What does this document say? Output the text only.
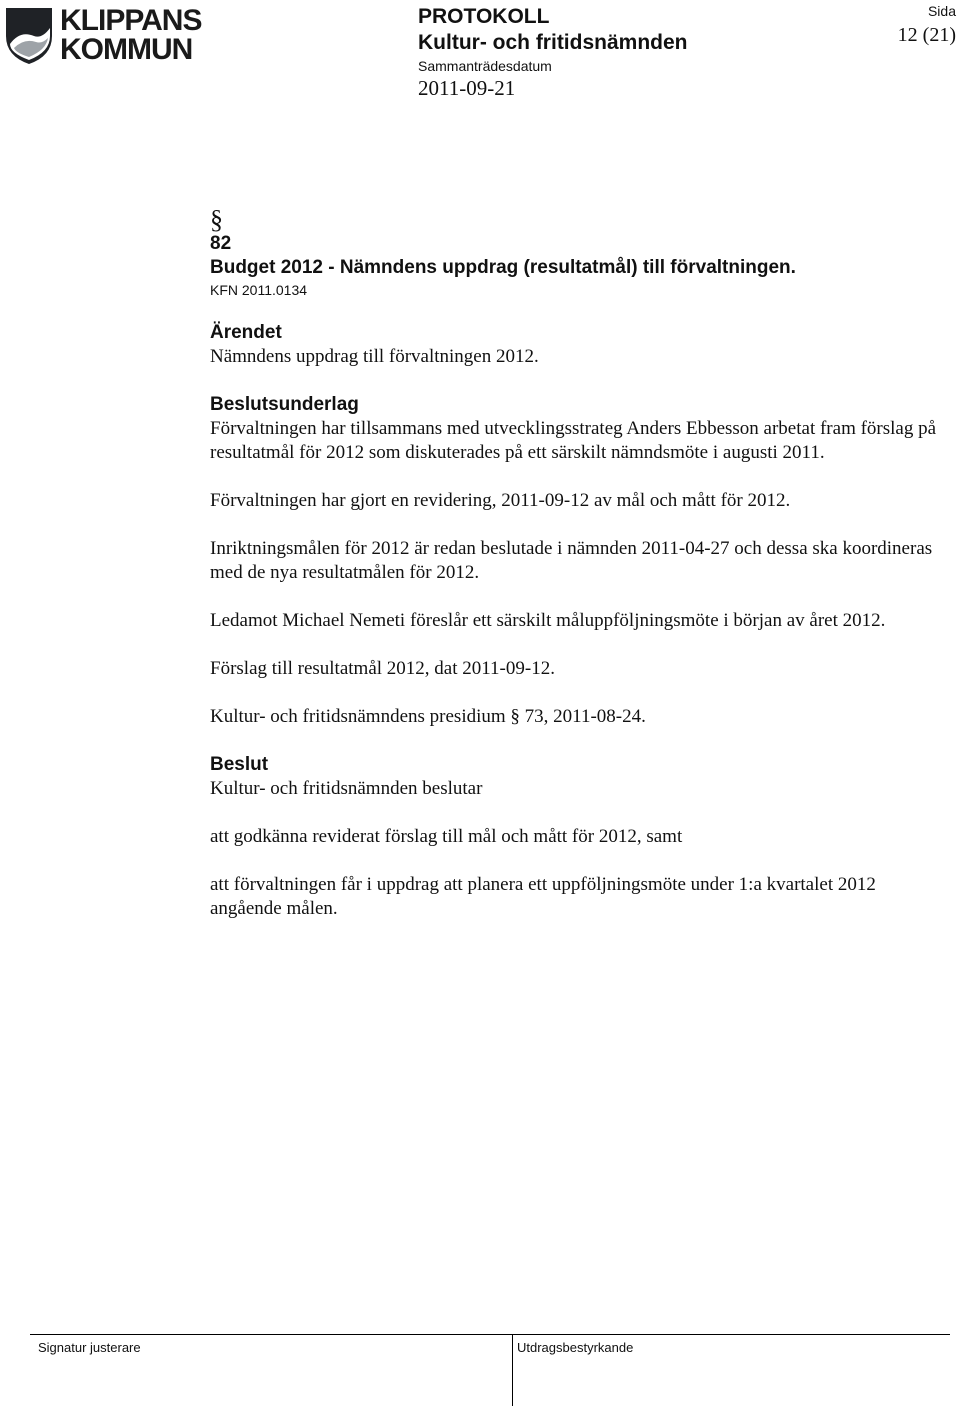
KLIPPANS
KOMMUN
PROTOKOLL
Kultur- och fritidsnämnden
Sammanträdesdatum
2011-09-21
Sida
12 (21)
§
82
Budget 2012 - Nämndens uppdrag (resultatmål) till förvaltningen.
KFN 2011.0134
Ärendet

Nämndens uppdrag till förvaltningen 2012.

Beslutsunderlag

Förvaltningen har tillsammans med utvecklingsstrateg Anders Ebbesson arbetat fram förslag på resultatmål för 2012 som diskuterades på ett särskilt nämndsmöte i augusti 2011.

Förvaltningen har gjort en revidering, 2011-09-12 av mål och mått för 2012.

Inriktningsmålen för 2012 är redan beslutade i nämnden 2011-04-27 och dessa ska koordineras med de nya resultatmålen för 2012.

Ledamot Michael Nemeti föreslår ett särskilt måluppföljningsmöte i början av året 2012.

Förslag till resultatmål 2012, dat 2011-09-12.

Kultur- och fritidsnämndens presidium § 73, 2011-08-24.

Beslut

Kultur- och fritidsnämnden beslutar

att godkänna reviderat förslag till mål och mått för 2012, samt

att förvaltningen får i uppdrag att planera ett uppföljningsmöte under 1:a kvartalet 2012 angående målen.

Signatur justerare	Utdragsbestyrkande
